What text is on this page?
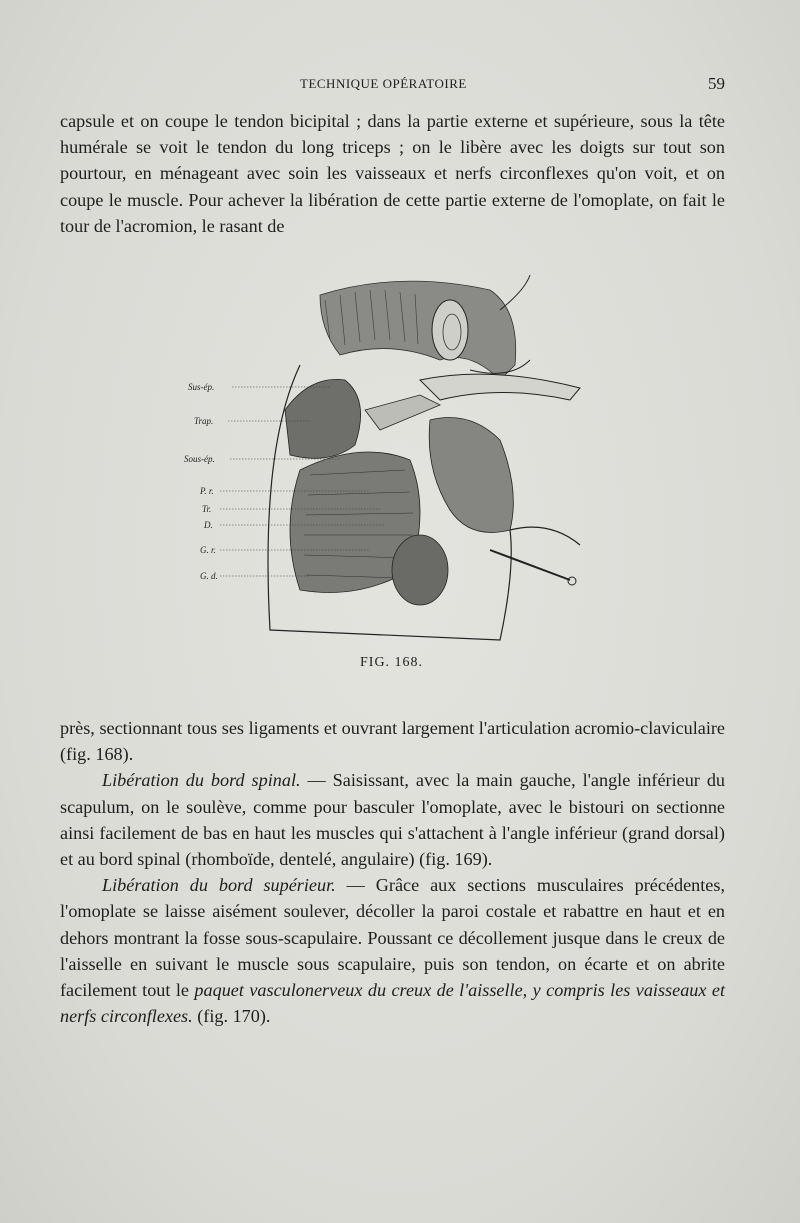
TECHNIQUE OPÉRATOIRE	59

capsule et on coupe le tendon bicipital ; dans la partie externe et supérieure, sous la tête humérale se voit le tendon du long triceps ; on le libère avec les doigts sur tout son pourtour, en ménageant avec soin les vaisseaux et nerfs circonflexes qu'on voit, et on coupe le muscle. Pour achever la libération de cette partie externe de l'omoplate, on fait le tour de l'acromion, le rasant de

Sus-ép.
Trap.
Sous-ép.
P. r.
Tr.
D.
G. r.
G. d.
FIG. 168.

près, sectionnant tous ses ligaments et ouvrant largement l'articulation acromio-claviculaire (fig. 168).

Libération du bord spinal. — Saisissant, avec la main gauche, l'angle inférieur du scapulum, on le soulève, comme pour basculer l'omoplate, avec le bistouri on sectionne ainsi facilement de bas en haut les muscles qui s'attachent à l'angle inférieur (grand dorsal) et au bord spinal (rhomboïde, dentelé, angulaire) (fig. 169).

Libération du bord supérieur. — Grâce aux sections musculaires précédentes, l'omoplate se laisse aisément soulever, décoller la paroi costale et rabattre en haut et en dehors montrant la fosse sous-scapulaire. Poussant ce décollement jusque dans le creux de l'aisselle en suivant le muscle sous scapulaire, puis son tendon, on écarte et on abrite facilement tout le paquet vasculonerveux du creux de l'aisselle, y compris les vaisseaux et nerfs circonflexes. (fig. 170).
